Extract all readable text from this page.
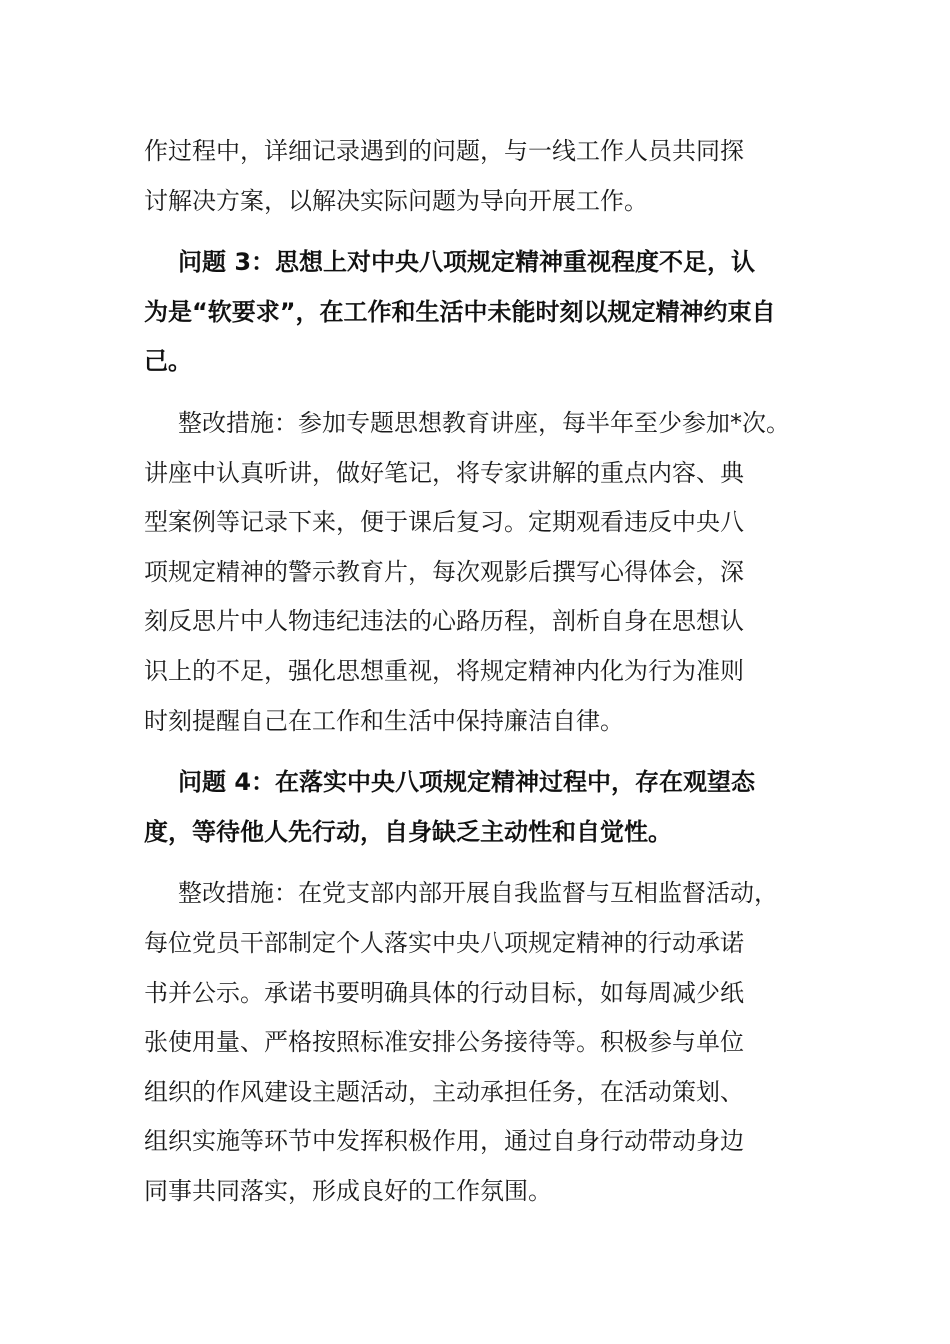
作过程中，详细记录遇到的问题，与一线工作人员共同探
讨解决方案，以解决实际问题为导向开展工作。

问题 3：思想上对中央八项规定精神重视程度不足，认
为是“软要求”，在工作和生活中未能时刻以规定精神约束自
己。

整改措施：参加专题思想教育讲座，每半年至少参加*次。
讲座中认真听讲，做好笔记，将专家讲解的重点内容、典
型案例等记录下来，便于课后复习。定期观看违反中央八
项规定精神的警示教育片，每次观影后撰写心得体会，深
刻反思片中人物违纪违法的心路历程，剖析自身在思想认
识上的不足，强化思想重视，将规定精神内化为行为准则
时刻提醒自己在工作和生活中保持廉洁自律。

问题 4：在落实中央八项规定精神过程中，存在观望态
度，等待他人先行动，自身缺乏主动性和自觉性。

整改措施：在党支部内部开展自我监督与互相监督活动，
每位党员干部制定个人落实中央八项规定精神的行动承诺
书并公示。承诺书要明确具体的行动目标，如每周减少纸
张使用量、严格按照标准安排公务接待等。积极参与单位
组织的作风建设主题活动，主动承担任务，在活动策划、
组织实施等环节中发挥积极作用，通过自身行动带动身边
同事共同落实，形成良好的工作氛围。
